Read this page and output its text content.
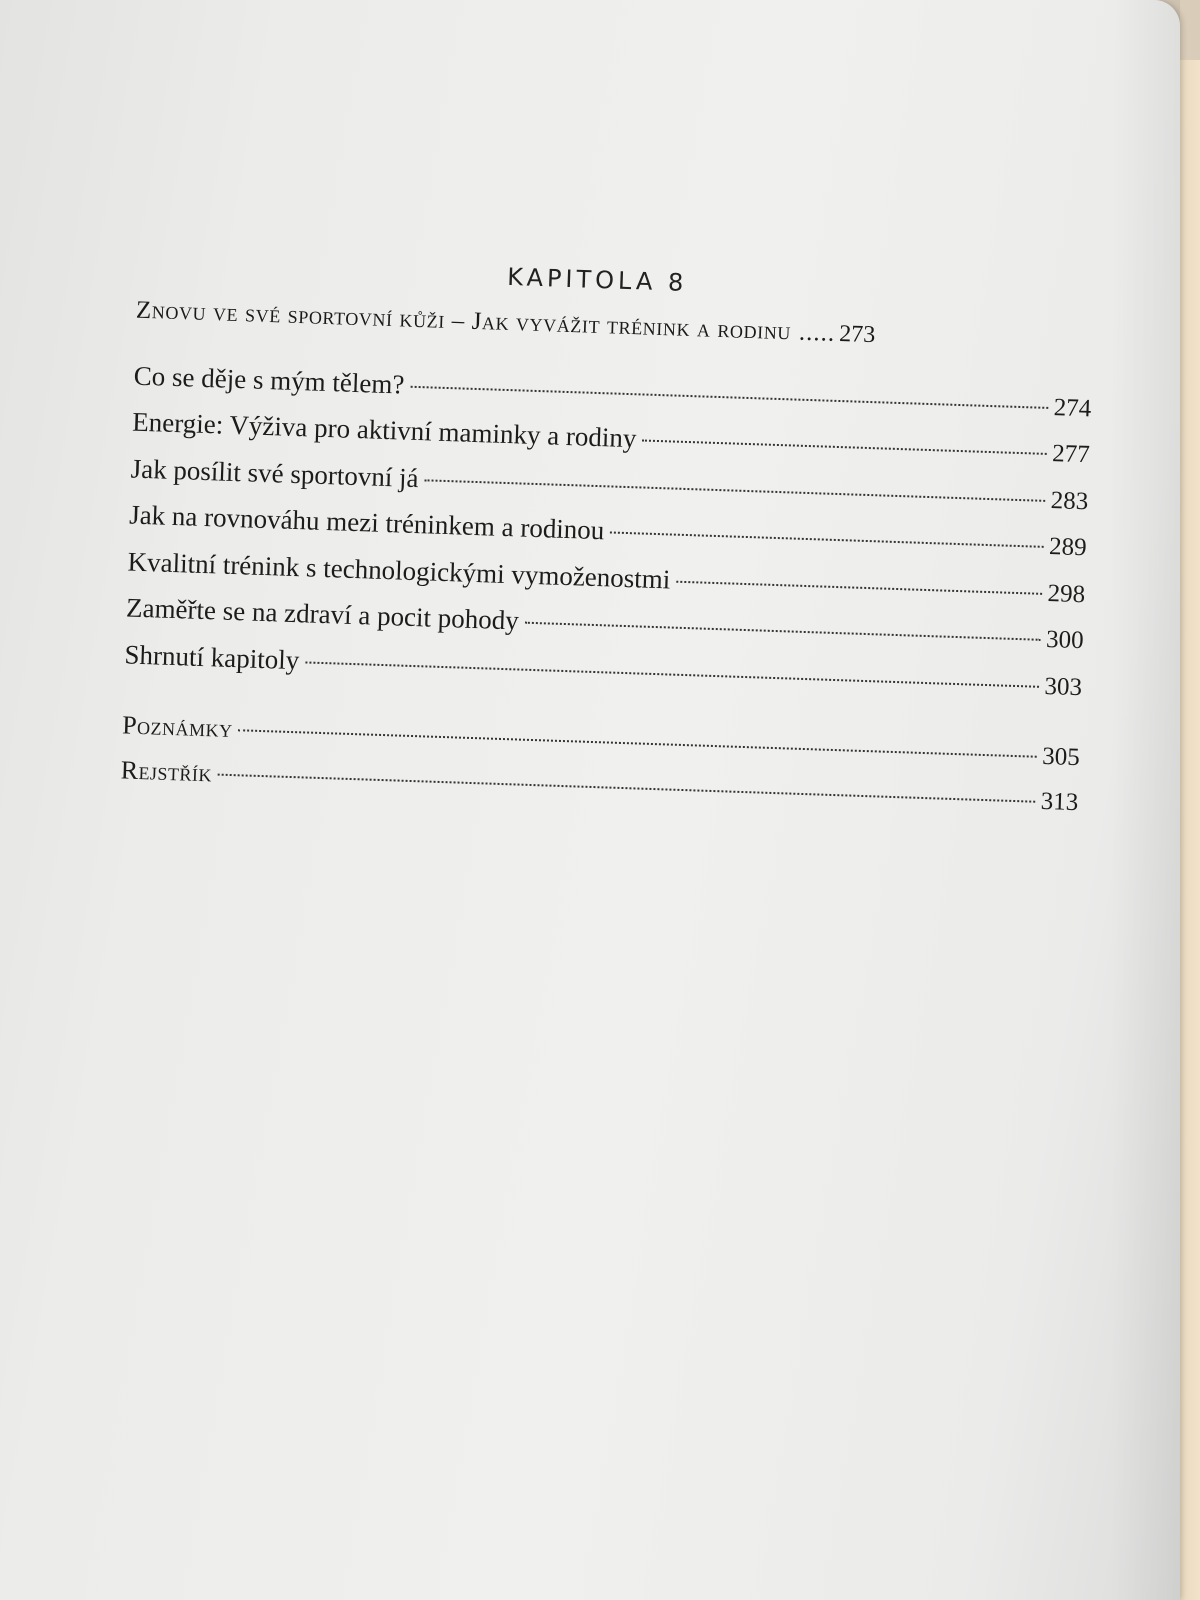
KAPITOLA 8
Znovu ve své sportovní kůži – Jak vyvážit trénink a rodinu ..... 273
Co se děje s mým tělem?
274
Energie: Výživa pro aktivní maminky a rodiny
277
Jak posílit své sportovní já
283
Jak na rovnováhu mezi tréninkem a rodinou
289
Kvalitní trénink s technologickými vymoženostmi	298
Zaměřte se na zdraví a pocit pohody
300
Shrnutí kapitoly
303
Poznámky
305
Rejstřík
313
